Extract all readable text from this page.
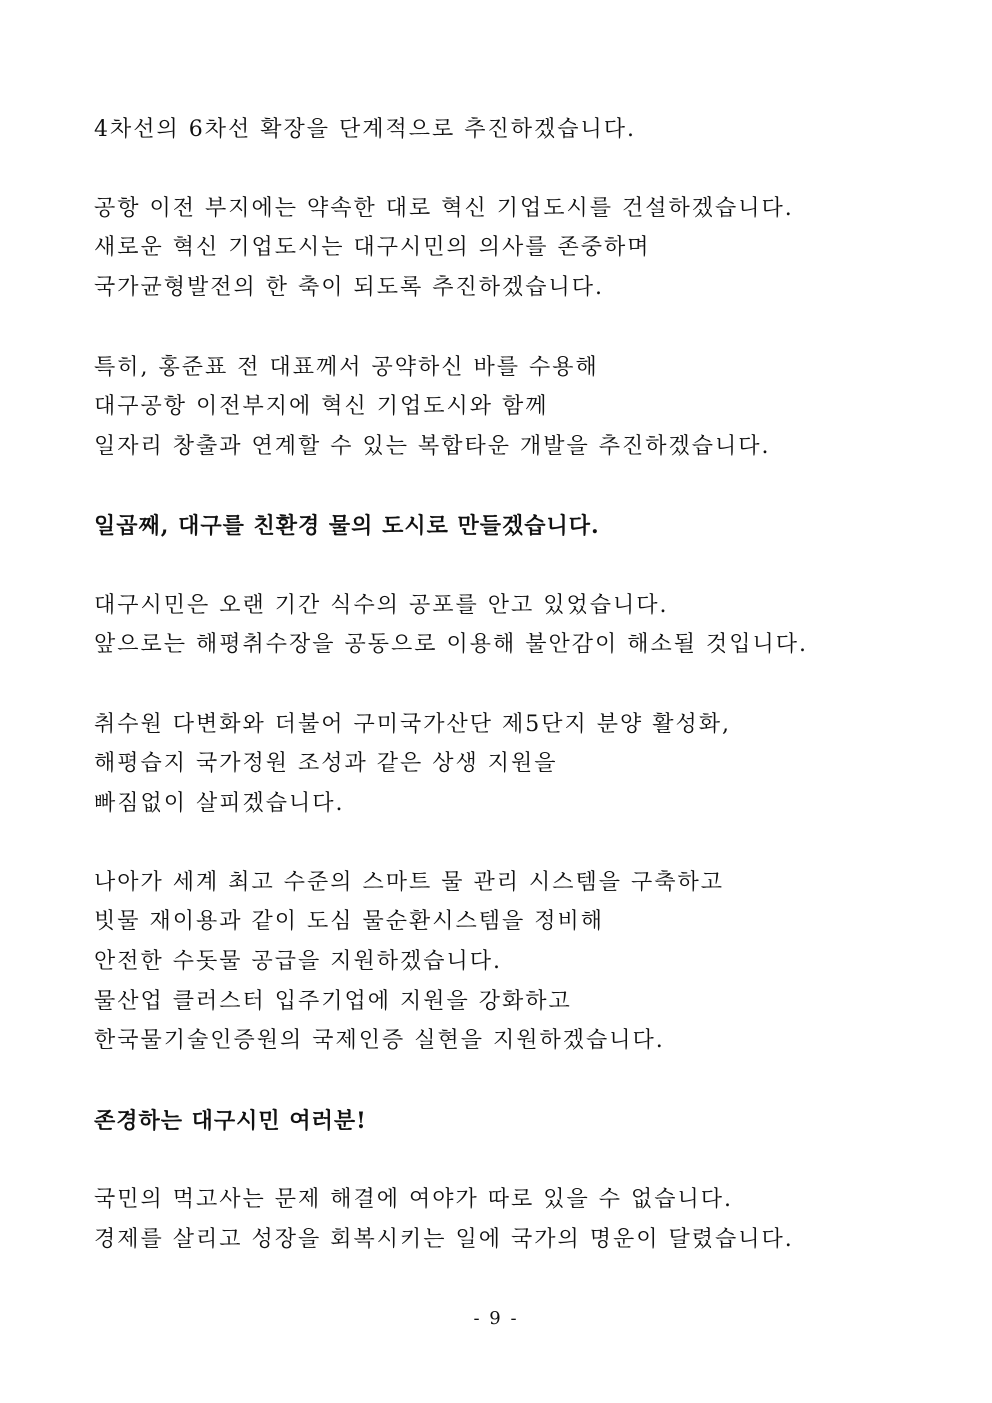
4차선의 6차선 확장을 단계적으로 추진하겠습니다.
공항 이전 부지에는 약속한 대로 혁신 기업도시를 건설하겠습니다.
새로운 혁신 기업도시는 대구시민의 의사를 존중하며
국가균형발전의 한 축이 되도록 추진하겠습니다.
특히, 홍준표 전 대표께서 공약하신 바를 수용해
대구공항 이전부지에 혁신 기업도시와 함께
일자리 창출과 연계할 수 있는 복합타운 개발을 추진하겠습니다.
일곱째, 대구를 친환경 물의 도시로 만들겠습니다.
대구시민은 오랜 기간 식수의 공포를 안고 있었습니다.
앞으로는 해평취수장을 공동으로 이용해 불안감이 해소될 것입니다.
취수원 다변화와 더불어 구미국가산단 제5단지 분양 활성화,
해평습지 국가정원 조성과 같은 상생 지원을
빠짐없이 살피겠습니다.
나아가 세계 최고 수준의 스마트 물 관리 시스템을 구축하고
빗물 재이용과 같이 도심 물순환시스템을 정비해
안전한 수돗물 공급을 지원하겠습니다.
물산업 클러스터 입주기업에 지원을 강화하고
한국물기술인증원의 국제인증 실현을 지원하겠습니다.
존경하는 대구시민 여러분!
국민의 먹고사는 문제 해결에 여야가 따로 있을 수 없습니다.
경제를 살리고 성장을 회복시키는 일에 국가의 명운이 달렸습니다.
- 9 -
